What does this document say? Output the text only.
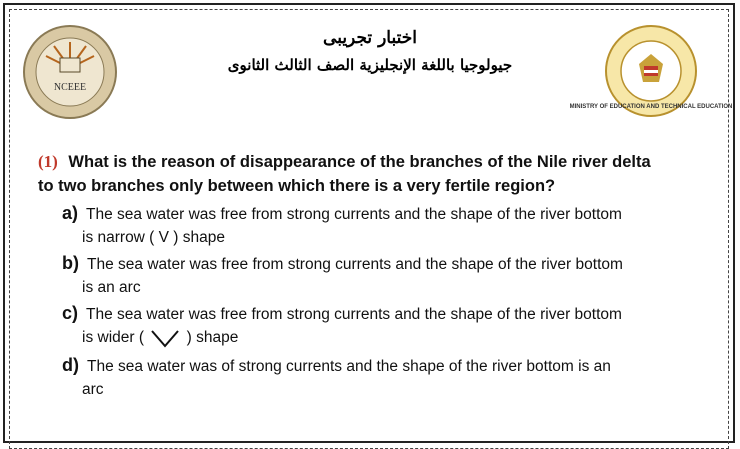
NCEEE
اختبار تجريبى
جيولوجيا باللغة الإنجليزية الصف الثالث الثانوى
MINISTRY OF EDUCATION AND TECHNICAL EDUCATION
(1) What is the reason of disappearance of the branches of the Nile river delta
to two branches only between which there is a very fertile region?
a) The sea water was free from strong currents and the shape of the river bottom
is narrow ( V ) shape
b) The sea water was free from strong currents and the shape of the river bottom
is an arc
c) The sea water was free from strong currents and the shape of the river bottom
is wider (	) shape
d) The sea water was of strong currents and the shape of the river bottom is an
arc
